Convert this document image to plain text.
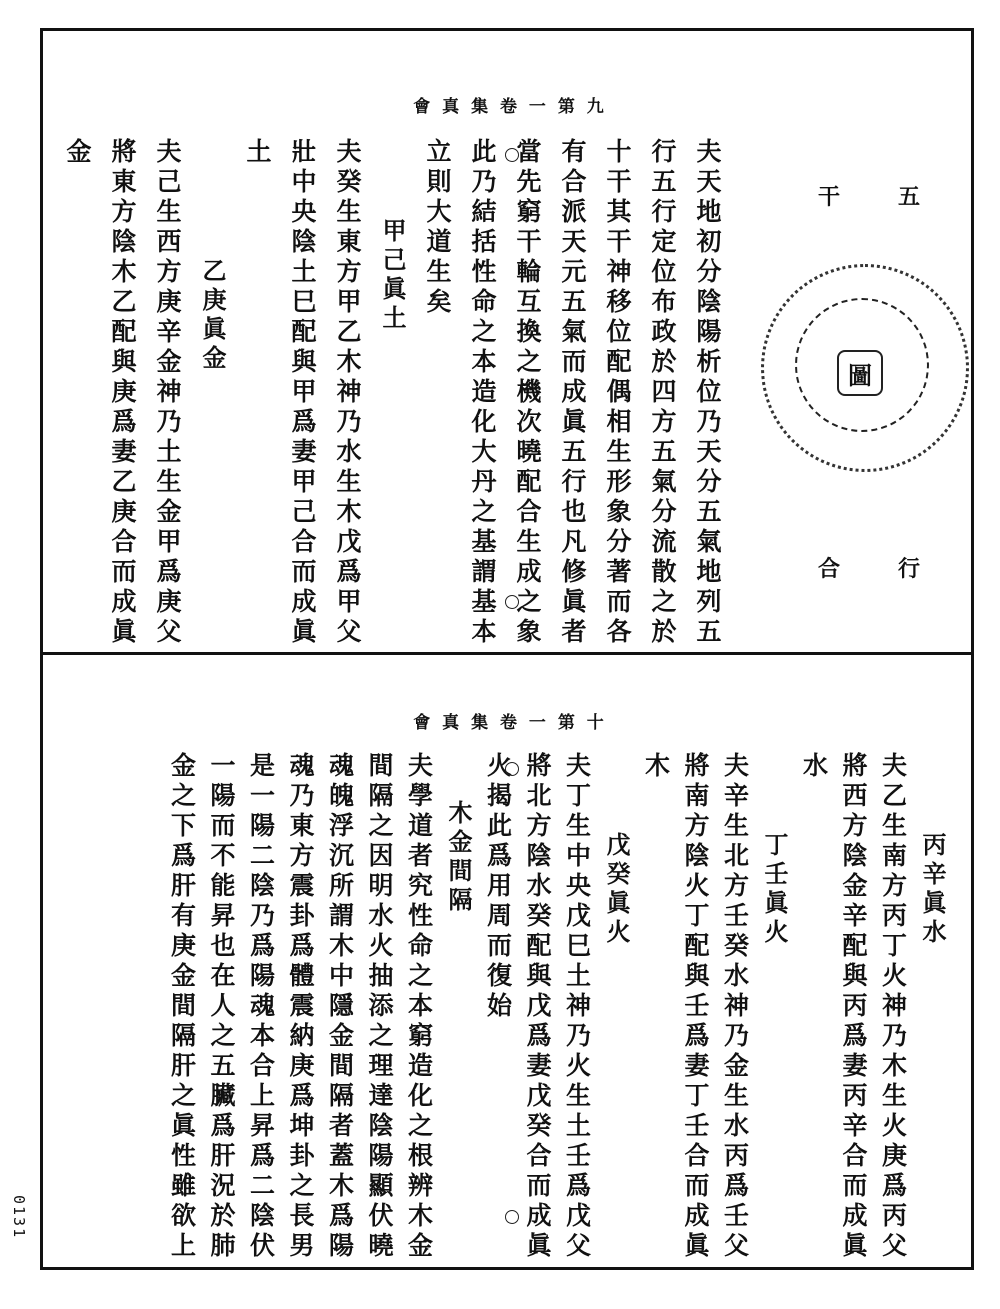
0131
會 真 集 卷 一 第 九
五
干
行
合
圖
夫天地初分陰陽析位乃天分五氣地列五
行五行定位布政於四方五氣分流散之於
十干其干神移位配偶相生形象分著而各
有合派天元五氣而成眞五行也凡修眞者
當先窮干輪互換之機次曉配合生成之象
此乃結括性命之本造化大丹之基謂基本
立則大道生矣
甲己眞土
夫癸生東方甲乙木神乃水生木戊爲甲父
壯中央陰土巳配與甲爲妻甲己合而成眞
土
乙庚眞金
夫己生西方庚辛金神乃土生金甲爲庚父
將東方陰木乙配與庚爲妻乙庚合而成眞
金
會 真 集 卷 一 第 十
丙辛眞水
夫乙生南方丙丁火神乃木生火庚爲丙父
將西方陰金辛配與丙爲妻丙辛合而成眞
水
丁壬眞火
夫辛生北方壬癸水神乃金生水丙爲壬父
將南方陰火丁配與壬爲妻丁壬合而成眞
木
戊癸眞火
夫丁生中央戊巳土神乃火生土壬爲戊父
將北方陰水癸配與戊爲妻戊癸合而成眞
火揭此爲用周而復始
木金間隔
夫學道者究性命之本窮造化之根辨木金
間隔之因明水火抽添之理達陰陽顯伏曉
魂魄浮沉所謂木中隱金間隔者蓋木爲陽
魂乃東方震卦爲體震納庚爲坤卦之長男
是一陽二陰乃爲陽魂本合上昇爲二陰伏
一陽而不能昇也在人之五臟爲肝況於肺
金之下爲肝有庚金間隔肝之眞性雖欲上
